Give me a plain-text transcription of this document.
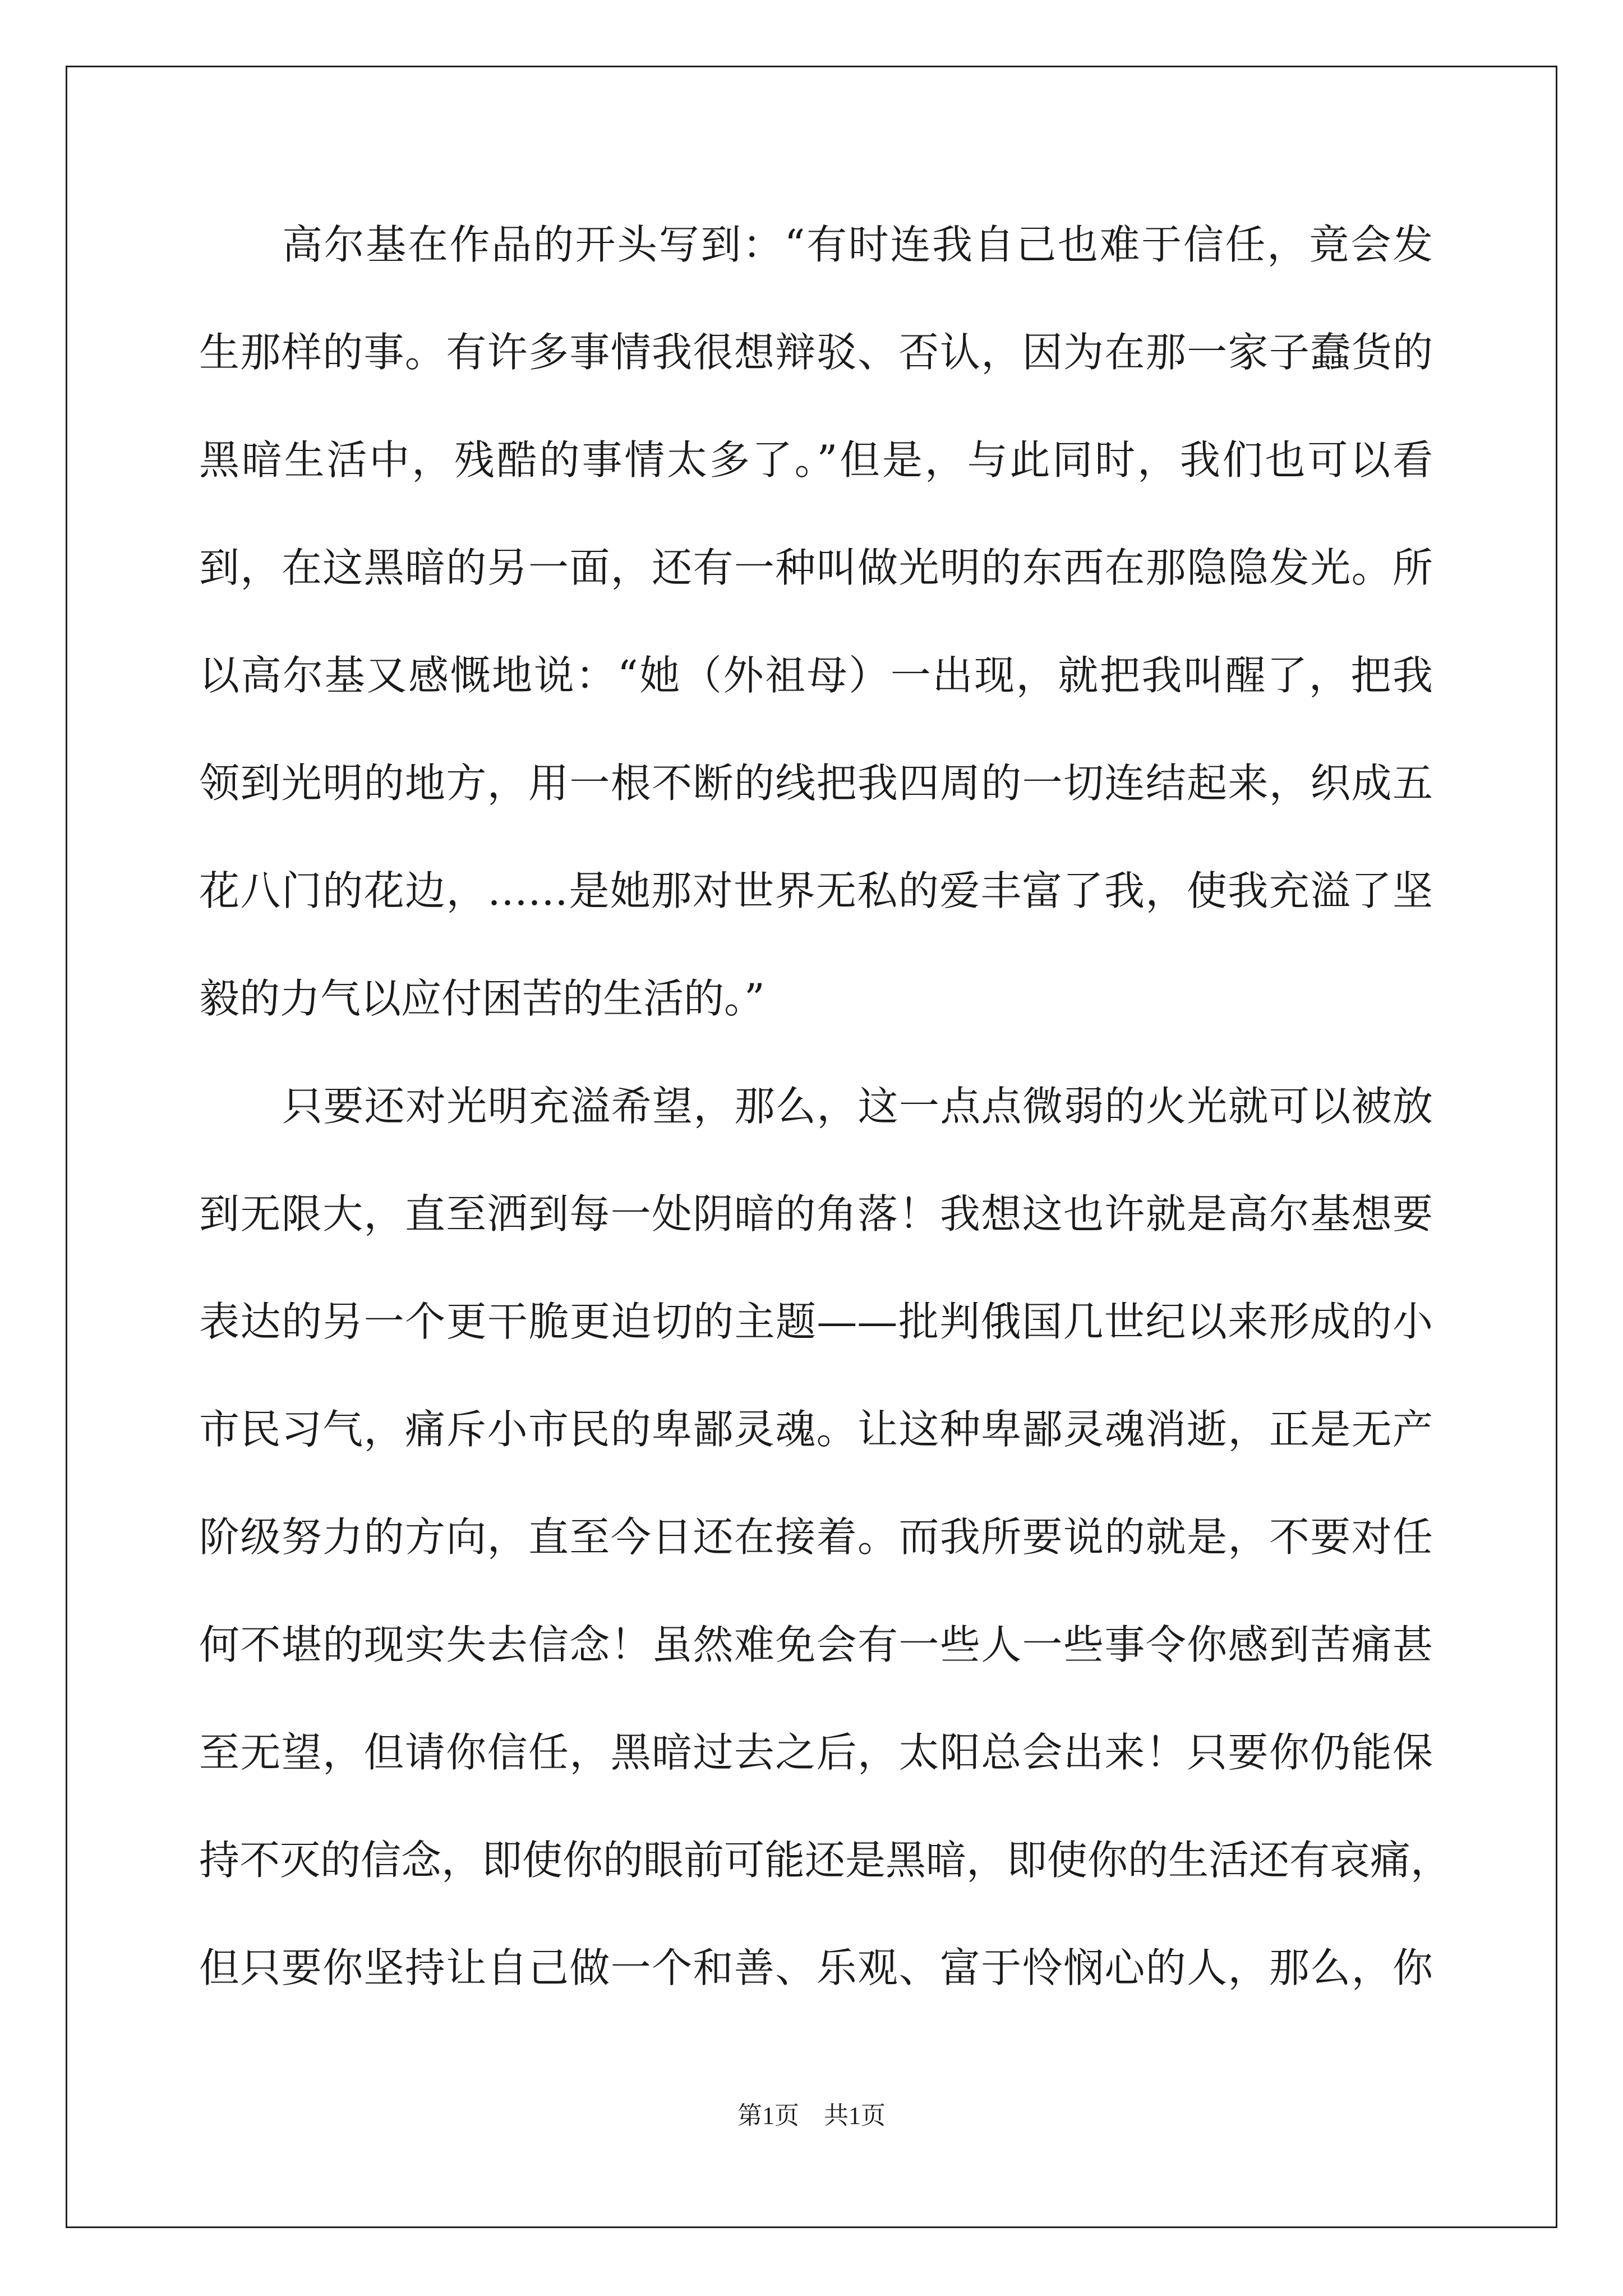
高尔基在作品的开头写到：“有时连我自己也难于信任，竟会发
生那样的事。有许多事情我很想辩驳、否认，因为在那一家子蠢货的
黑暗生活中，残酷的事情太多了。”但是，与此同时，我们也可以看
到，在这黑暗的另一面，还有一种叫做光明的东西在那隐隐发光。所
以高尔基又感慨地说：“她（外祖母）一出现，就把我叫醒了，把我
领到光明的地方，用一根不断的线把我四周的一切连结起来，织成五
花八门的花边，……是她那对世界无私的爱丰富了我，使我充溢了坚
毅的力气以应付困苦的生活的。”
只要还对光明充溢希望，那么，这一点点微弱的火光就可以被放
到无限大，直至洒到每一处阴暗的角落！我想这也许就是高尔基想要
表达的另一个更干脆更迫切的主题——批判俄国几世纪以来形成的小
市民习气，痛斥小市民的卑鄙灵魂。让这种卑鄙灵魂消逝，正是无产
阶级努力的方向，直至今日还在接着。而我所要说的就是，不要对任
何不堪的现实失去信念！虽然难免会有一些人一些事令你感到苦痛甚
至无望，但请你信任，黑暗过去之后，太阳总会出来！只要你仍能保
持不灭的信念，即使你的眼前可能还是黑暗，即使你的生活还有哀痛，
但只要你坚持让自己做一个和善、乐观、富于怜悯心的人，那么，你
第1页　共1页
